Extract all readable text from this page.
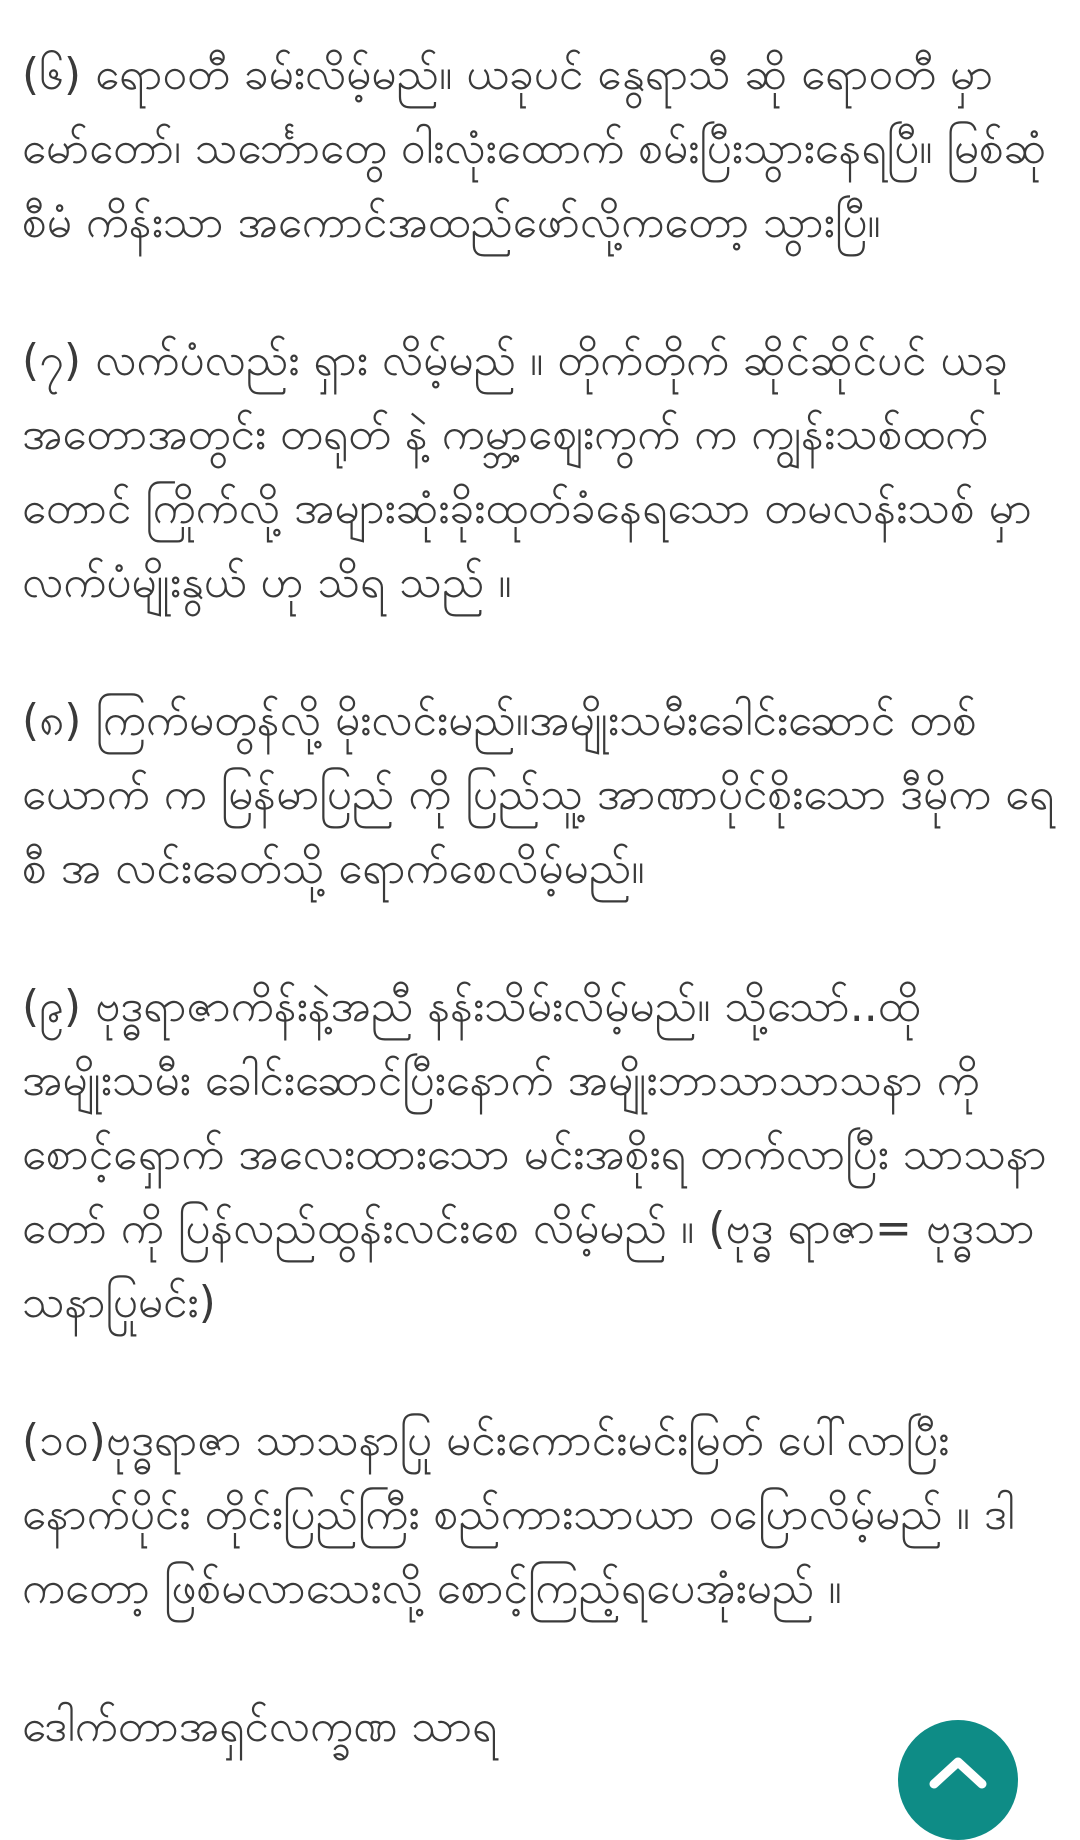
(၆) ရောဝတီ ခမ်းလိမ့်မည်။ ယခုပင် နွေရာသီ ဆို ရောဝတီ မှာ မော်တော်၊ သင်္ဘောတွေ ဝါးလုံးထောက် စမ်းပြီးသွားနေရပြီ။ မြစ်ဆုံစီမံ ကိန်းသာ အကောင်အထည်ဖော်လို့ကတော့ သွားပြီ။

(၇) လက်ပံလည်း ရှား လိမ့်မည် ။ တိုက်တိုက် ဆိုင်ဆိုင်ပင် ယခု အတောအတွင်း တရုတ် နဲ့ ကမ္ဘာ့ဈေးကွက် က ကျွန်းသစ်ထက် တောင် ကြိုက်လို့ အများဆုံးခိုးထုတ်ခံနေရသော တမလန်းသစ် မှာ လက်ပံမျိုးနွယ် ဟု သိရ သည် ။

(၈) ကြက်မတွန်လို့ မိုးလင်းမည်။အမျိုးသမီးခေါင်းဆောင် တစ်ယောက် က မြန်မာပြည် ကို ပြည်သူ့ အာဏာပိုင်စိုးသော ဒီမိုက ရေစီ အ လင်းခေတ်သို့ ရောက်စေလိမ့်မည်။

(၉) ဗုဒ္ဓရာဇာကိန်းနဲ့အညီ နန်းသိမ်းလိမ့်မည်။ သို့သော်..ထို အမျိုးသမီး ခေါင်းဆောင်ပြီးနောက် အမျိုးဘာသာသာသနာ ကို စောင့်ရှောက် အလေးထားသော မင်းအစိုးရ တက်လာပြီး သာသနာတော် ကို ပြန်လည်ထွန်းလင်းစေ လိမ့်မည် ။ (ဗုဒ္ဓ ရာဇာ= ဗုဒ္ဓသာ သနာပြုမင်း)

(၁၀)ဗုဒ္ဓရာဇာ သာသနာပြု မင်းကောင်းမင်းမြတ် ပေါ်လာပြီး နောက်ပိုင်း တိုင်းပြည်ကြီး စည်ကားသာယာ ဝပြောလိမ့်မည် ။ ဒါ ကတော့ ဖြစ်မလာသေးလို့ စောင့်ကြည့်ရပေအုံးမည် ။

ဒေါက်တာအရှင်လက္ခဏ သာရ
